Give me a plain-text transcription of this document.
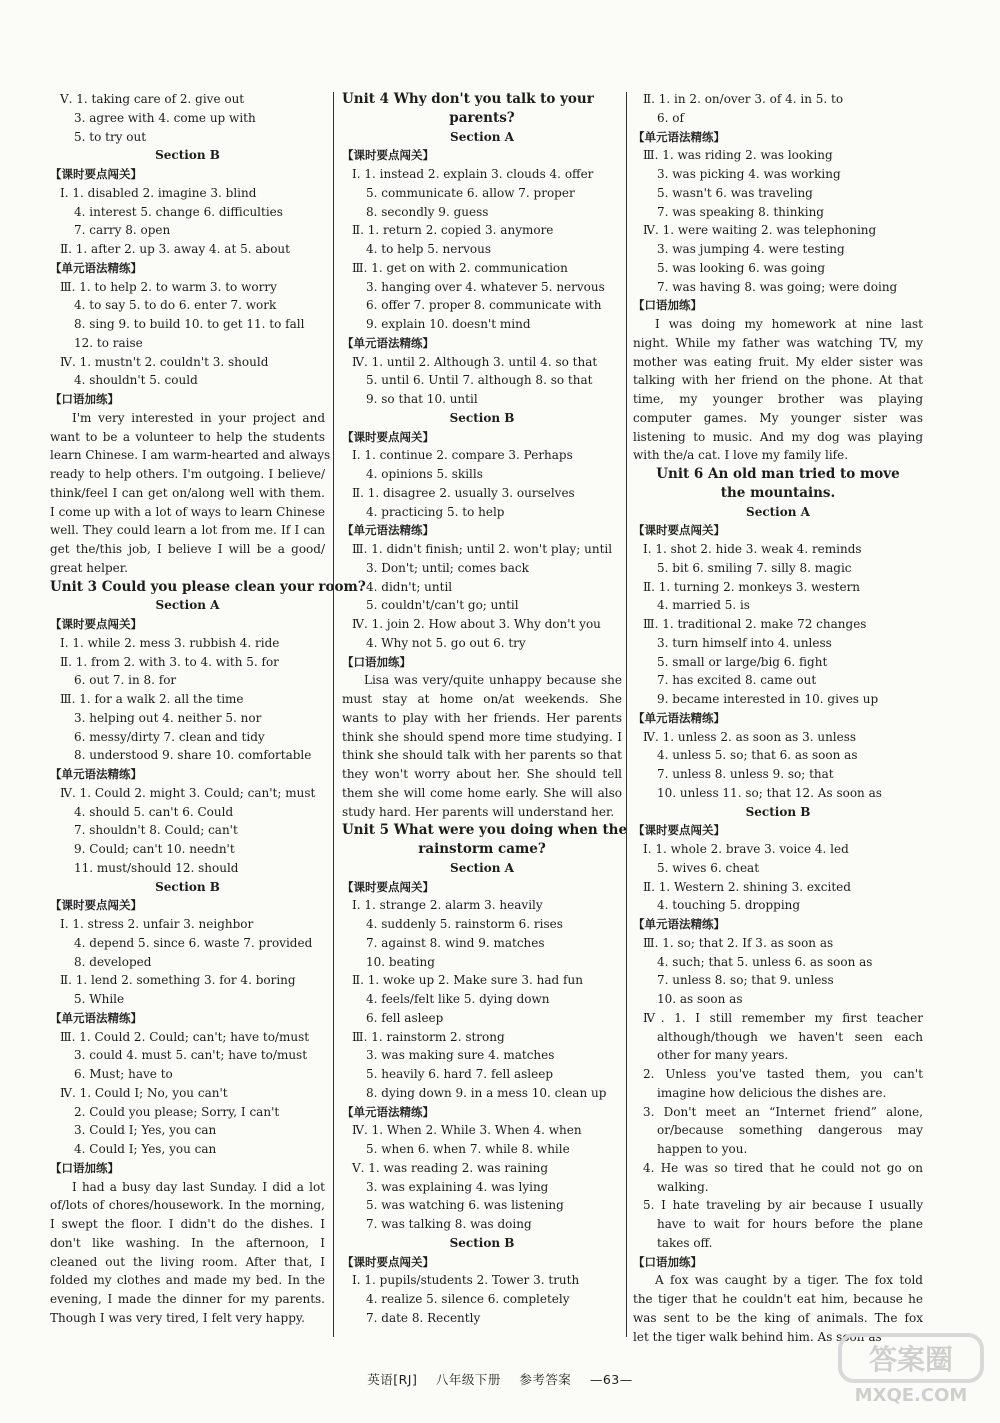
Ⅴ. 1. taking care of 2. give out
3. agree with 4. come up with
5. to try out
Section B
【课时要点闯关】
Ⅰ. 1. disabled 2. imagine 3. blind
4. interest 5. change 6. difficulties
7. carry 8. open
Ⅱ. 1. after 2. up 3. away 4. at 5. about
【单元语法精练】
Ⅲ. 1. to help 2. to warm 3. to worry
4. to say 5. to do 6. enter 7. work
8. sing 9. to build 10. to get 11. to fall
12. to raise
Ⅳ. 1. mustn't 2. couldn't 3. should
4. shouldn't 5. could
【口语加练】
I'm very interested in your project and
want to be a volunteer to help the students
learn Chinese. I am warm-hearted and always
ready to help others. I'm outgoing. I believe/
think/feel I can get on/along well with them.
I come up with a lot of ways to learn Chinese
well. They could learn a lot from me. If I can
get the/this job, I believe I will be a good/
great helper.
Unit 3 Could you please clean your room?
Section A
【课时要点闯关】
Ⅰ. 1. while 2. mess 3. rubbish 4. ride
Ⅱ. 1. from 2. with 3. to 4. with 5. for
6. out 7. in 8. for
Ⅲ. 1. for a walk 2. all the time
3. helping out 4. neither 5. nor
6. messy/dirty 7. clean and tidy
8. understood 9. share 10. comfortable
【单元语法精练】
Ⅳ. 1. Could 2. might 3. Could; can't; must
4. should 5. can't 6. Could
7. shouldn't 8. Could; can't
9. Could; can't 10. needn't
11. must/should 12. should
Section B
【课时要点闯关】
Ⅰ. 1. stress 2. unfair 3. neighbor
4. depend 5. since 6. waste 7. provided
8. developed
Ⅱ. 1. lend 2. something 3. for 4. boring
5. While
【单元语法精练】
Ⅲ. 1. Could 2. Could; can't; have to/must
3. could 4. must 5. can't; have to/must
6. Must; have to
Ⅳ. 1. Could I; No, you can't
2. Could you please; Sorry, I can't
3. Could I; Yes, you can
4. Could I; Yes, you can
【口语加练】
I had a busy day last Sunday. I did a lot
of/lots of chores/housework. In the morning,
I swept the floor. I didn't do the dishes. I
don't like washing. In the afternoon, I
cleaned out the living room. After that, I
folded my clothes and made my bed. In the
evening, I made the dinner for my parents.
Though I was very tired, I felt very happy.
Unit 4 Why don't you talk to your
parents?
Section A
【课时要点闯关】
Ⅰ. 1. instead 2. explain 3. clouds 4. offer
5. communicate 6. allow 7. proper
8. secondly 9. guess
Ⅱ. 1. return 2. copied 3. anymore
4. to help 5. nervous
Ⅲ. 1. get on with 2. communication
3. hanging over 4. whatever 5. nervous
6. offer 7. proper 8. communicate with
9. explain 10. doesn't mind
【单元语法精练】
Ⅳ. 1. until 2. Although 3. until 4. so that
5. until 6. Until 7. although 8. so that
9. so that 10. until
Section B
【课时要点闯关】
Ⅰ. 1. continue 2. compare 3. Perhaps
4. opinions 5. skills
Ⅱ. 1. disagree 2. usually 3. ourselves
4. practicing 5. to help
【单元语法精练】
Ⅲ. 1. didn't finish; until 2. won't play; until
3. Don't; until; comes back
4. didn't; until
5. couldn't/can't go; until
Ⅳ. 1. join 2. How about 3. Why don't you
4. Why not 5. go out 6. try
【口语加练】
Lisa was very/quite unhappy because she
must stay at home on/at weekends. She
wants to play with her friends. Her parents
think she should spend more time studying. I
think she should talk with her parents so that
they won't worry about her. She should tell
them she will come home early. She will also
study hard. Her parents will understand her.
Unit 5 What were you doing when the
rainstorm came?
Section A
【课时要点闯关】
Ⅰ. 1. strange 2. alarm 3. heavily
4. suddenly 5. rainstorm 6. rises
7. against 8. wind 9. matches
10. beating
Ⅱ. 1. woke up 2. Make sure 3. had fun
4. feels/felt like 5. dying down
6. fell asleep
Ⅲ. 1. rainstorm 2. strong
3. was making sure 4. matches
5. heavily 6. hard 7. fell asleep
8. dying down 9. in a mess 10. clean up
【单元语法精练】
Ⅳ. 1. When 2. While 3. When 4. when
5. when 6. when 7. while 8. while
Ⅴ. 1. was reading 2. was raining
3. was explaining 4. was lying
5. was watching 6. was listening
7. was talking 8. was doing
Section B
【课时要点闯关】
Ⅰ. 1. pupils/students 2. Tower 3. truth
4. realize 5. silence 6. completely
7. date 8. Recently
Ⅱ. 1. in 2. on/over 3. of 4. in 5. to
6. of
【单元语法精练】
Ⅲ. 1. was riding 2. was looking
3. was picking 4. was working
5. wasn't 6. was traveling
7. was speaking 8. thinking
Ⅳ. 1. were waiting 2. was telephoning
3. was jumping 4. were testing
5. was looking 6. was going
7. was having 8. was going; were doing
【口语加练】
I was doing my homework at nine last
night. While my father was watching TV, my
mother was eating fruit. My elder sister was
talking with her friend on the phone. At that
time, my younger brother was playing
computer games. My younger sister was
listening to music. And my dog was playing
with the/a cat. I love my family life.
Unit 6 An old man tried to move
the mountains.
Section A
【课时要点闯关】
Ⅰ. 1. shot 2. hide 3. weak 4. reminds
5. bit 6. smiling 7. silly 8. magic
Ⅱ. 1. turning 2. monkeys 3. western
4. married 5. is
Ⅲ. 1. traditional 2. make 72 changes
3. turn himself into 4. unless
5. small or large/big 6. fight
7. has excited 8. came out
9. became interested in 10. gives up
【单元语法精练】
Ⅳ. 1. unless 2. as soon as 3. unless
4. unless 5. so; that 6. as soon as
7. unless 8. unless 9. so; that
10. unless 11. so; that 12. As soon as
Section B
【课时要点闯关】
Ⅰ. 1. whole 2. brave 3. voice 4. led
5. wives 6. cheat
Ⅱ. 1. Western 2. shining 3. excited
4. touching 5. dropping
【单元语法精练】
Ⅲ. 1. so; that 2. If 3. as soon as
4. such; that 5. unless 6. as soon as
7. unless 8. so; that 9. unless
10. as soon as
Ⅳ. 1. I still remember my first teacher
although/though we haven't seen each
other for many years.
2. Unless you've tasted them, you can't
imagine how delicious the dishes are.
3. Don't meet an “Internet friend” alone,
or/because something dangerous may
happen to you.
4. He was so tired that he could not go on
walking.
5. I hate traveling by air because I usually
have to wait for hours before the plane
takes off.
【口语加练】
A fox was caught by a tiger. The fox told
the tiger that he couldn't eat him, because he
was sent to be the king of animals. The fox
let the tiger walk behind him. As soon as
英语[RJ] 八年级下册 参考答案 —63—
答案圈
MXQE.COM
